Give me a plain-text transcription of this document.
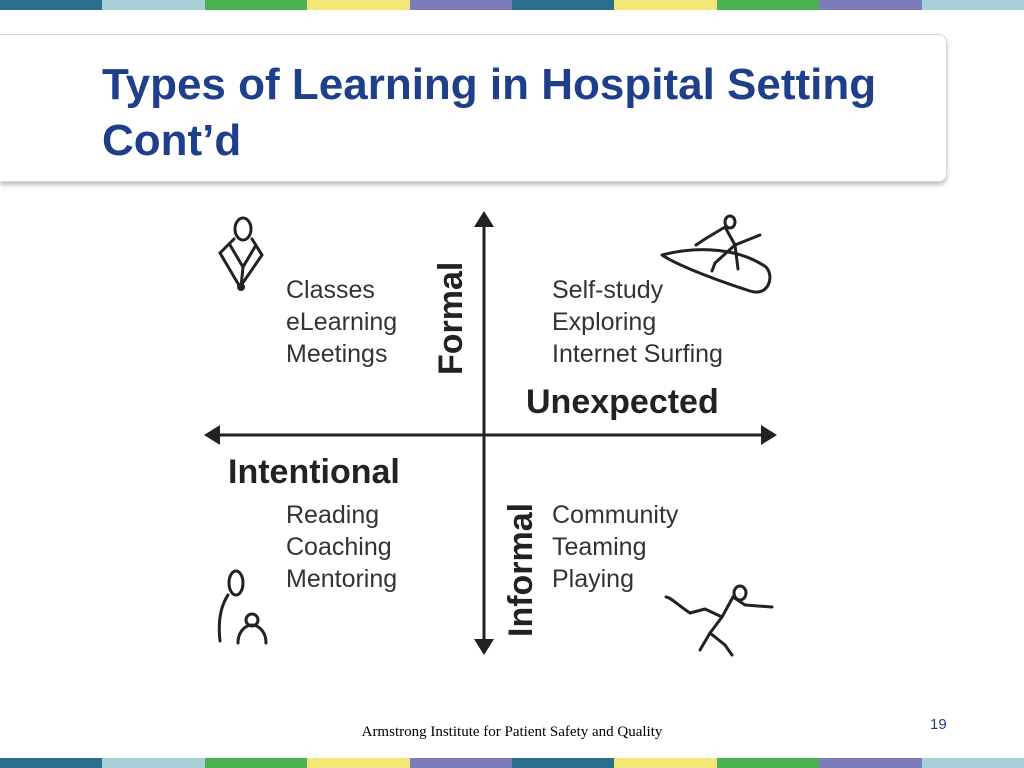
Types of Learning in Hospital Setting
Cont’d
Formal
Informal
Intentional
Unexpected
Classes
eLearning
Meetings
Self-study
Exploring
Internet Surfing
Reading
Coaching
Mentoring
Community
Teaming
Playing
Armstrong Institute for Patient Safety and Quality	19
